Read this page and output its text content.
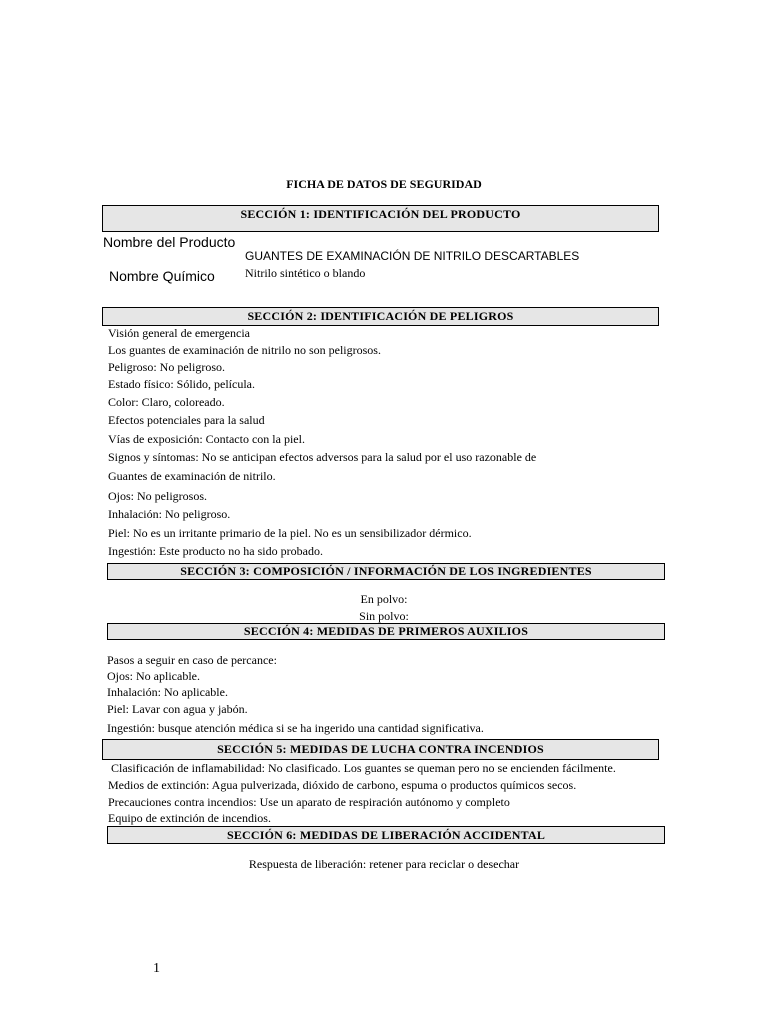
FICHA DE DATOS DE SEGURIDAD
SECCIÓN 1: IDENTIFICACIÓN DEL PRODUCTO
Nombre del Producto
GUANTES DE EXAMINACIÓN DE NITRILO DESCARTABLES
Nombre Químico	Nitrilo sintético o blando
SECCIÓN 2: IDENTIFICACIÓN DE PELIGROS
Visión general de emergencia
Los guantes de examinación de nitrilo no son peligrosos.
Peligroso: No peligroso.
Estado físico: Sólido, película.
Color: Claro, coloreado.
Efectos potenciales para la salud
Vías de exposición: Contacto con la piel.
Signos y síntomas: No se anticipan efectos adversos para la salud por el uso razonable de
Guantes de examinación de nitrilo.
Ojos: No peligrosos.
Inhalación: No peligroso.
Piel: No es un irritante primario de la piel. No es un sensibilizador dérmico.
Ingestión: Este producto no ha sido probado.
SECCIÓN 3: COMPOSICIÓN / INFORMACIÓN DE LOS INGREDIENTES
En polvo:
Sin polvo:
SECCIÓN 4: MEDIDAS DE PRIMEROS AUXILIOS
Pasos a seguir en caso de percance:
Ojos: No aplicable.
Inhalación: No aplicable.
Piel: Lavar con agua y jabón.
Ingestión: busque atención médica si se ha ingerido una cantidad significativa.
SECCIÓN 5: MEDIDAS DE LUCHA CONTRA INCENDIOS
Clasificación de inflamabilidad: No clasificado. Los guantes se queman pero no se encienden fácilmente.
Medios de extinción: Agua pulverizada, dióxido de carbono, espuma o productos químicos secos.
Precauciones contra incendios: Use un aparato de respiración autónomo y completo
Equipo de extinción de incendios.
SECCIÓN 6: MEDIDAS DE LIBERACIÓN ACCIDENTAL
Respuesta de liberación: retener para reciclar o desechar
1
